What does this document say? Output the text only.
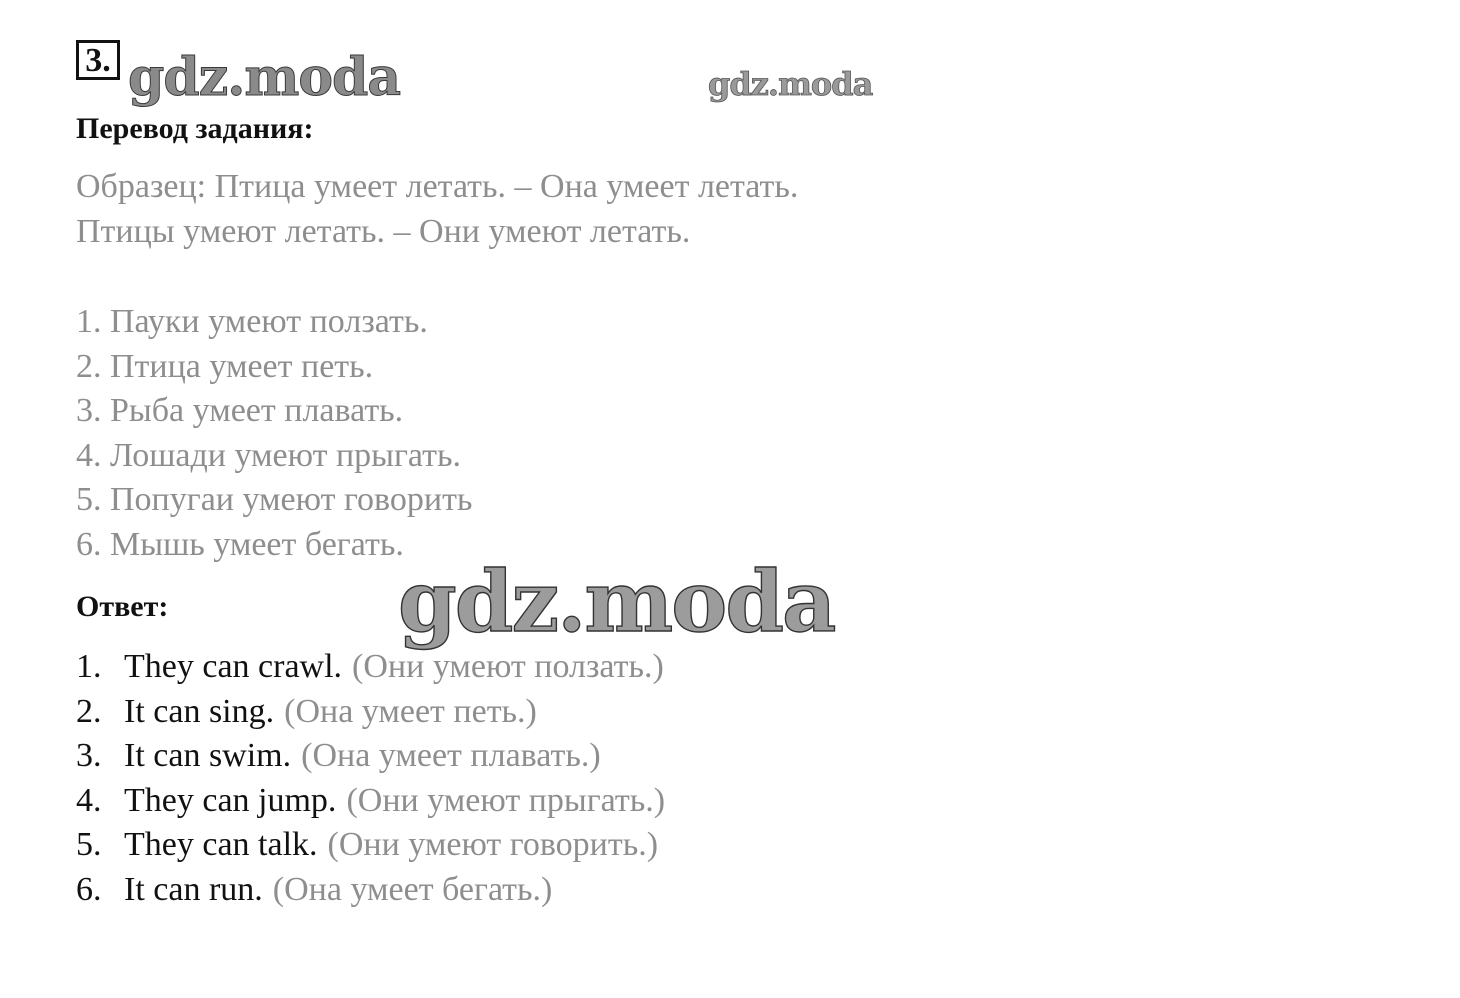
3. gdz.moda	gdz.moda
Перевод задания:
Образец: Птица умеет летать. – Она умеет летать.
Птицы умеют летать. – Они умеют летать.
1. Пауки умеют ползать.
2. Птица умеет петь.
3. Рыба умеет плавать.
4. Лошади умеют прыгать.
5. Попугаи умеют говорить
6. Мышь умеет бегать.
Ответ:	gdz.moda
1. They can crawl. (Они умеют ползать.)
2. It can sing. (Она умеет петь.)
3. It can swim. (Она умеет плавать.)
4. They can jump. (Они умеют прыгать.)
5. They can talk. (Они умеют говорить.)
6. It can run. (Она умеет бегать.)
